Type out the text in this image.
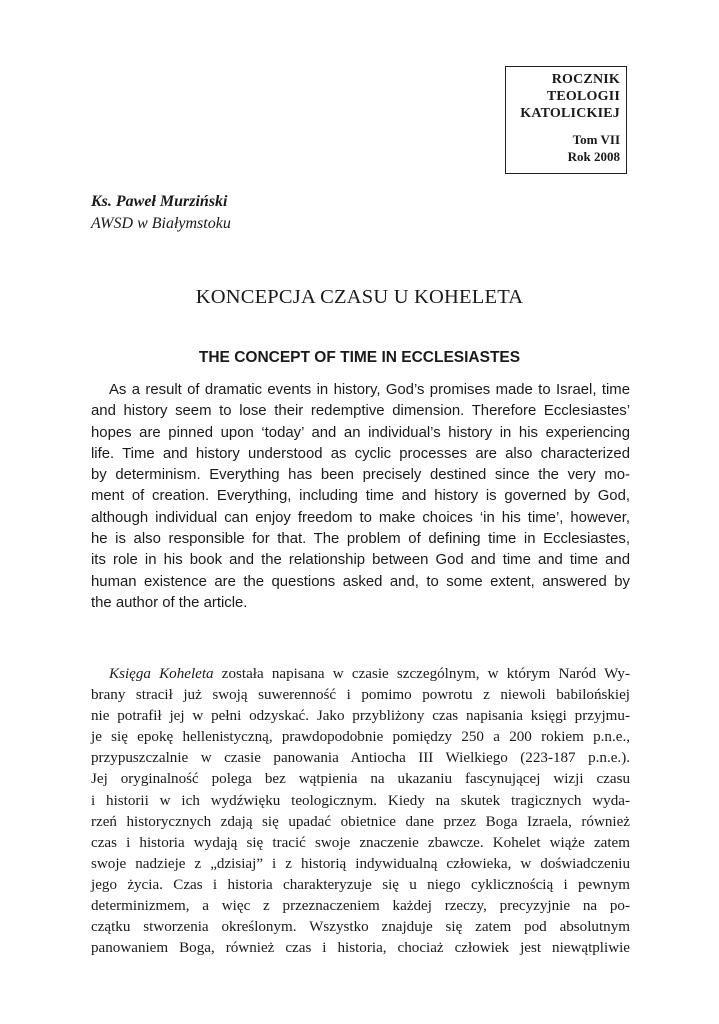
ROCZNIK
TEOLOGII
KATOLICKIEJ
Tom VII
Rok 2008
Ks. Paweł Murziński
AWSD w Białymstoku
KONCEPCJA CZASU U KOHELETA
THE CONCEPT OF TIME IN ECCLESIASTES
As a result of dramatic events in history, God’s promises made to Israel, time
and history seem to lose their redemptive dimension. Therefore Ecclesiastes’
hopes are pinned upon ‘today’ and an individual’s history in his experiencing
life. Time and history understood as cyclic processes are also characterized
by determinism. Everything has been precisely destined since the very mo-
ment of creation. Everything, including time and history is governed by God,
although individual can enjoy freedom to make choices ‘in his time’, however,
he is also responsible for that. The problem of defining time in Ecclesiastes,
its role in his book and the relationship between God and time and time and
human existence are the questions asked and, to some extent, answered by
the author of the article.
Księga Koheleta została napisana w czasie szczególnym, w którym Naród Wy-
brany stracił już swoją suwerenność i pomimo powrotu z niewoli babilońskiej
nie potrafił jej w pełni odzyskać. Jako przybliżony czas napisania księgi przyjmu-
je się epokę hellenistyczną, prawdopodobnie pomiędzy 250 a 200 rokiem p.n.e.,
przypuszczalnie w czasie panowania Antiocha III Wielkiego (223-187 p.n.e.).
Jej oryginalność polega bez wątpienia na ukazaniu fascynującej wizji czasu
i historii w ich wydźwięku teologicznym. Kiedy na skutek tragicznych wyda-
rzeń historycznych zdają się upadać obietnice dane przez Boga Izraela, również
czas i historia wydają się tracić swoje znaczenie zbawcze. Kohelet wiąże zatem
swoje nadzieje z „dzisiaj” i z historią indywidualną człowieka, w doświadczeniu
jego życia. Czas i historia charakteryzuje się u niego cyklicznością i pewnym
determinizmem, a więc z przeznaczeniem każdej rzeczy, precyzyjnie na po-
czątku stworzenia określonym. Wszystko znajduje się zatem pod absolutnym
panowaniem Boga, również czas i historia, chociaż człowiek jest niewątpliwie
